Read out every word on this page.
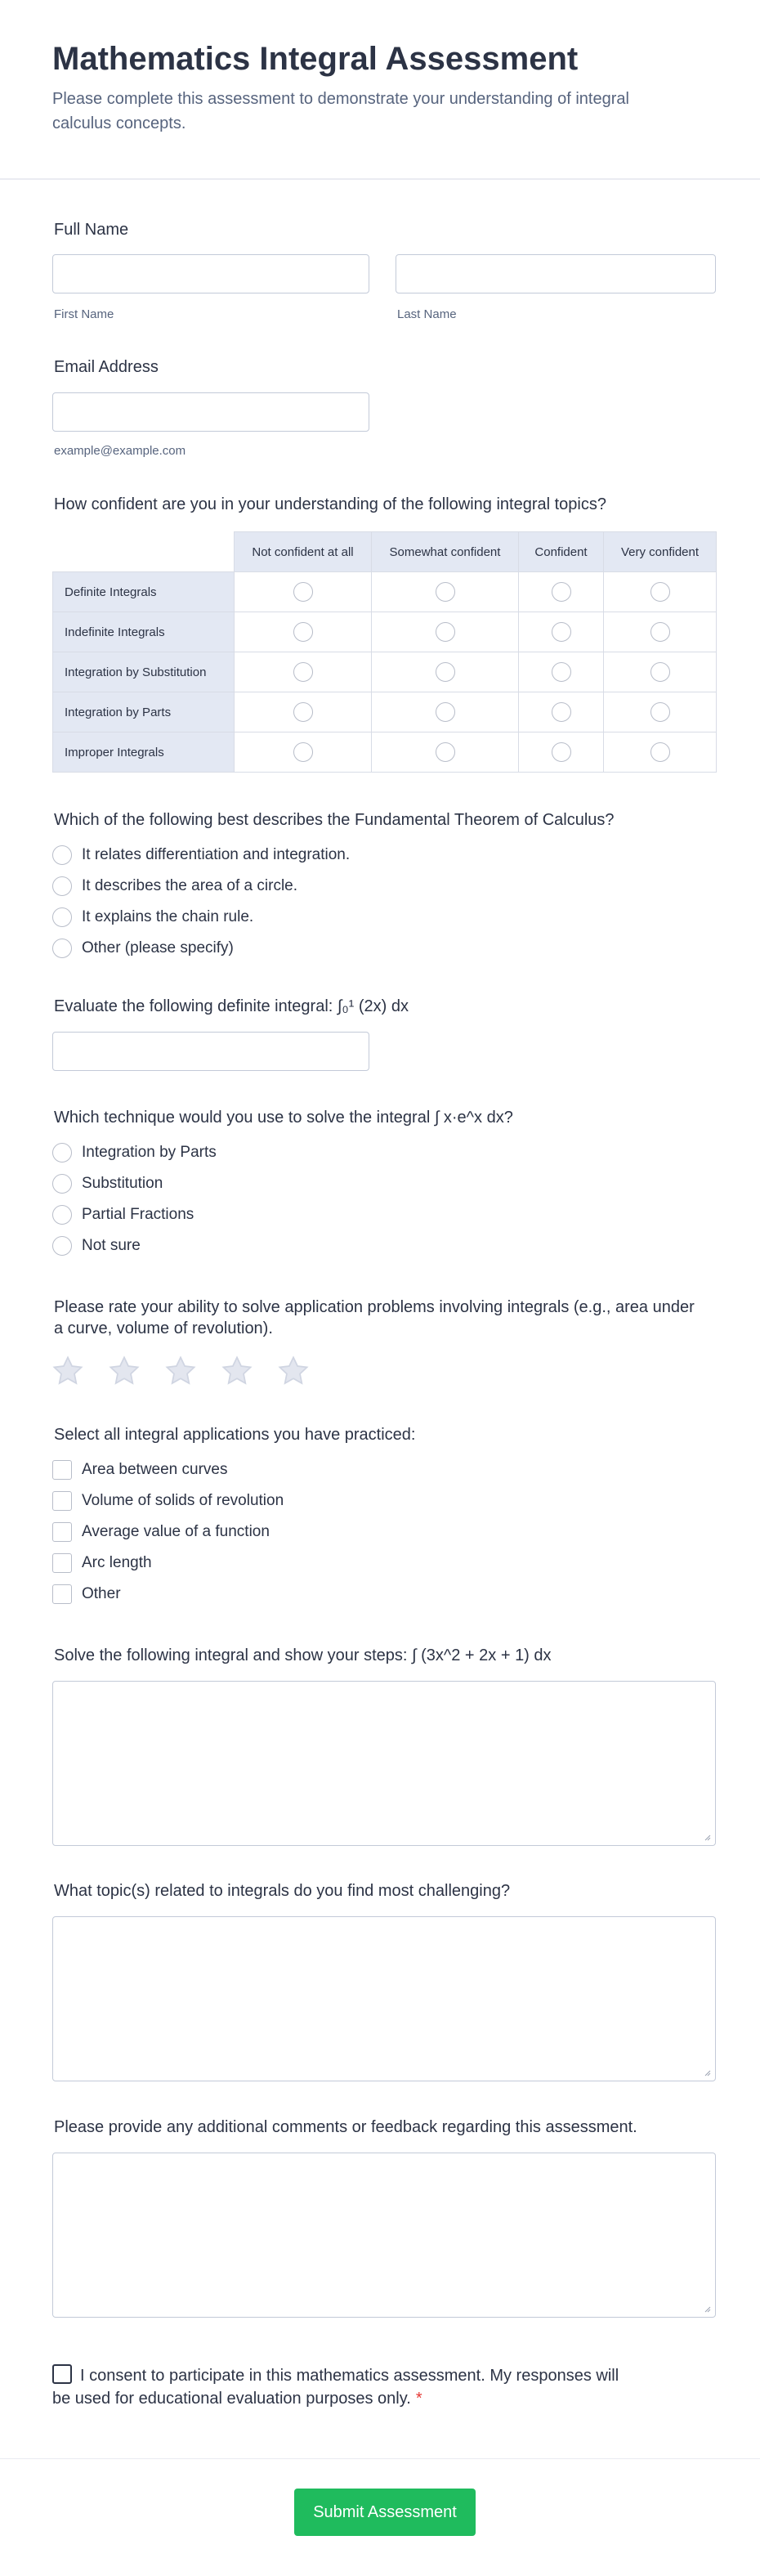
Mathematics Integral Assessment

Please complete this assessment to demonstrate your understanding of integral calculus concepts.

Full Name
First Name	Last Name
Email Address
example@example.com
How confident are you in your understanding of the following integral topics?
	Not confident at all	Somewhat confident	Confident	Very confident
Definite Integrals				
Indefinite Integrals				
Integration by Substitution				
Integration by Parts				
Improper Integrals				
Which of the following best describes the Fundamental Theorem of Calculus?
It relates differentiation and integration.
It describes the area of a circle.
It explains the chain rule.
Other (please specify)
Evaluate the following definite integral: ∫₀¹ (2x) dx
Which technique would you use to solve the integral ∫ x·e^x dx?
Integration by Parts
Substitution
Partial Fractions
Not sure
Please rate your ability to solve application problems involving integrals (e.g., area under a curve, volume of revolution).
Select all integral applications you have practiced:
Area between curves
Volume of solids of revolution
Average value of a function
Arc length
Other
Solve the following integral and show your steps: ∫ (3x^2 + 2x + 1) dx
What topic(s) related to integrals do you find most challenging?
Please provide any additional comments or feedback regarding this assessment.
I consent to participate in this mathematics assessment. My responses will be used for educational evaluation purposes only. *
Submit Assessment
